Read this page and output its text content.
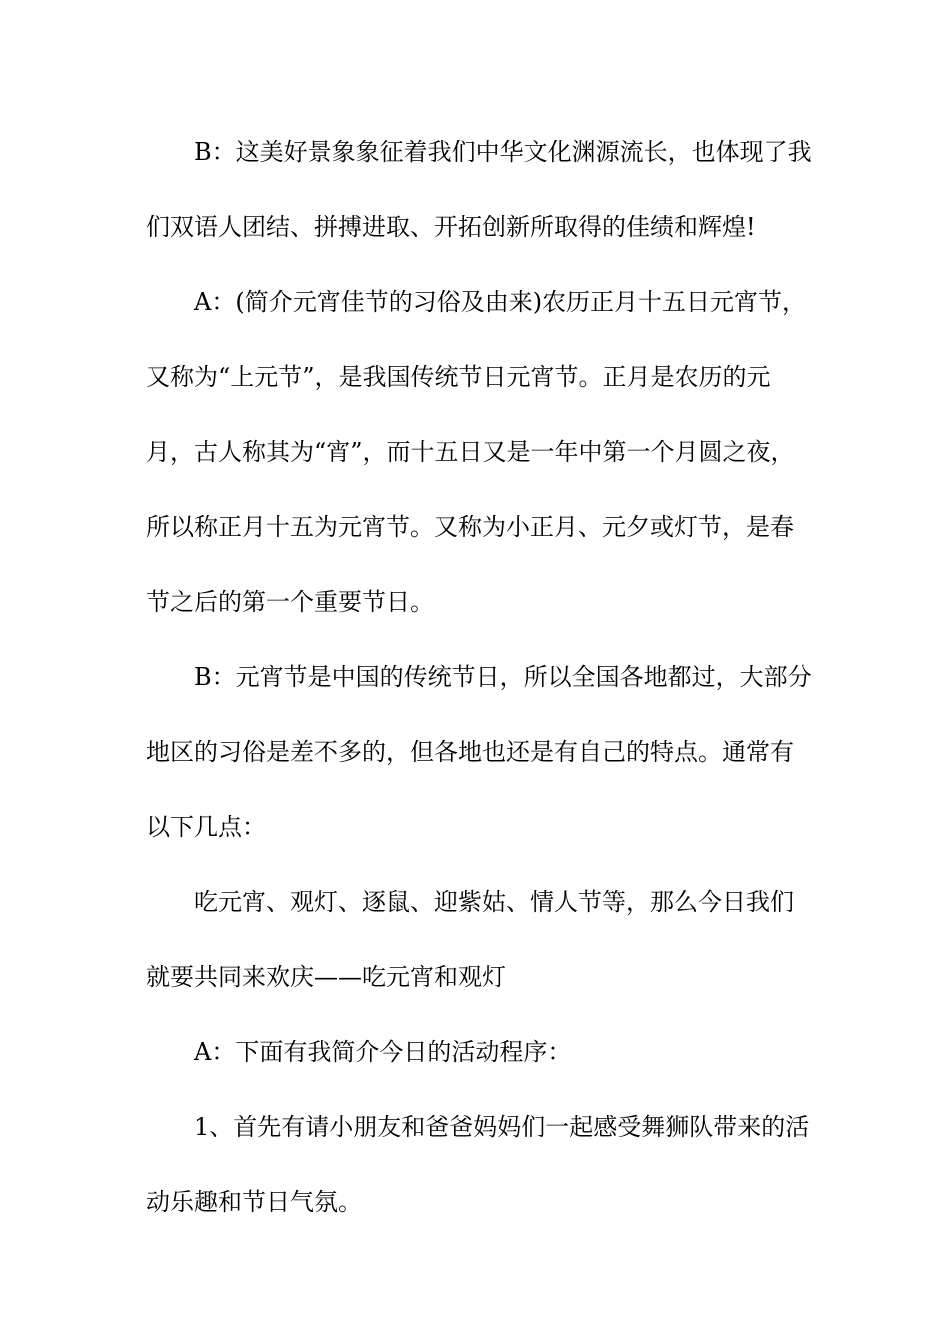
B：这美好景象象征着我们中华文化渊源流长，也体现了我
们双语人团结、拼搏进取、开拓创新所取得的佳绩和辉煌!
A：(简介元宵佳节的习俗及由来)农历正月十五日元宵节，
又称为“上元节”，是我国传统节日元宵节。正月是农历的元
月，古人称其为“宵”，而十五日又是一年中第一个月圆之夜，
所以称正月十五为元宵节。又称为小正月、元夕或灯节，是春
节之后的第一个重要节日。
B：元宵节是中国的传统节日，所以全国各地都过，大部分
地区的习俗是差不多的，但各地也还是有自己的特点。通常有
以下几点：
吃元宵、观灯、逐鼠、迎紫姑、情人节等，那么今日我们
就要共同来欢庆——吃元宵和观灯
A：下面有我简介今日的活动程序：
1、首先有请小朋友和爸爸妈妈们一起感受舞狮队带来的活
动乐趣和节日气氛。
